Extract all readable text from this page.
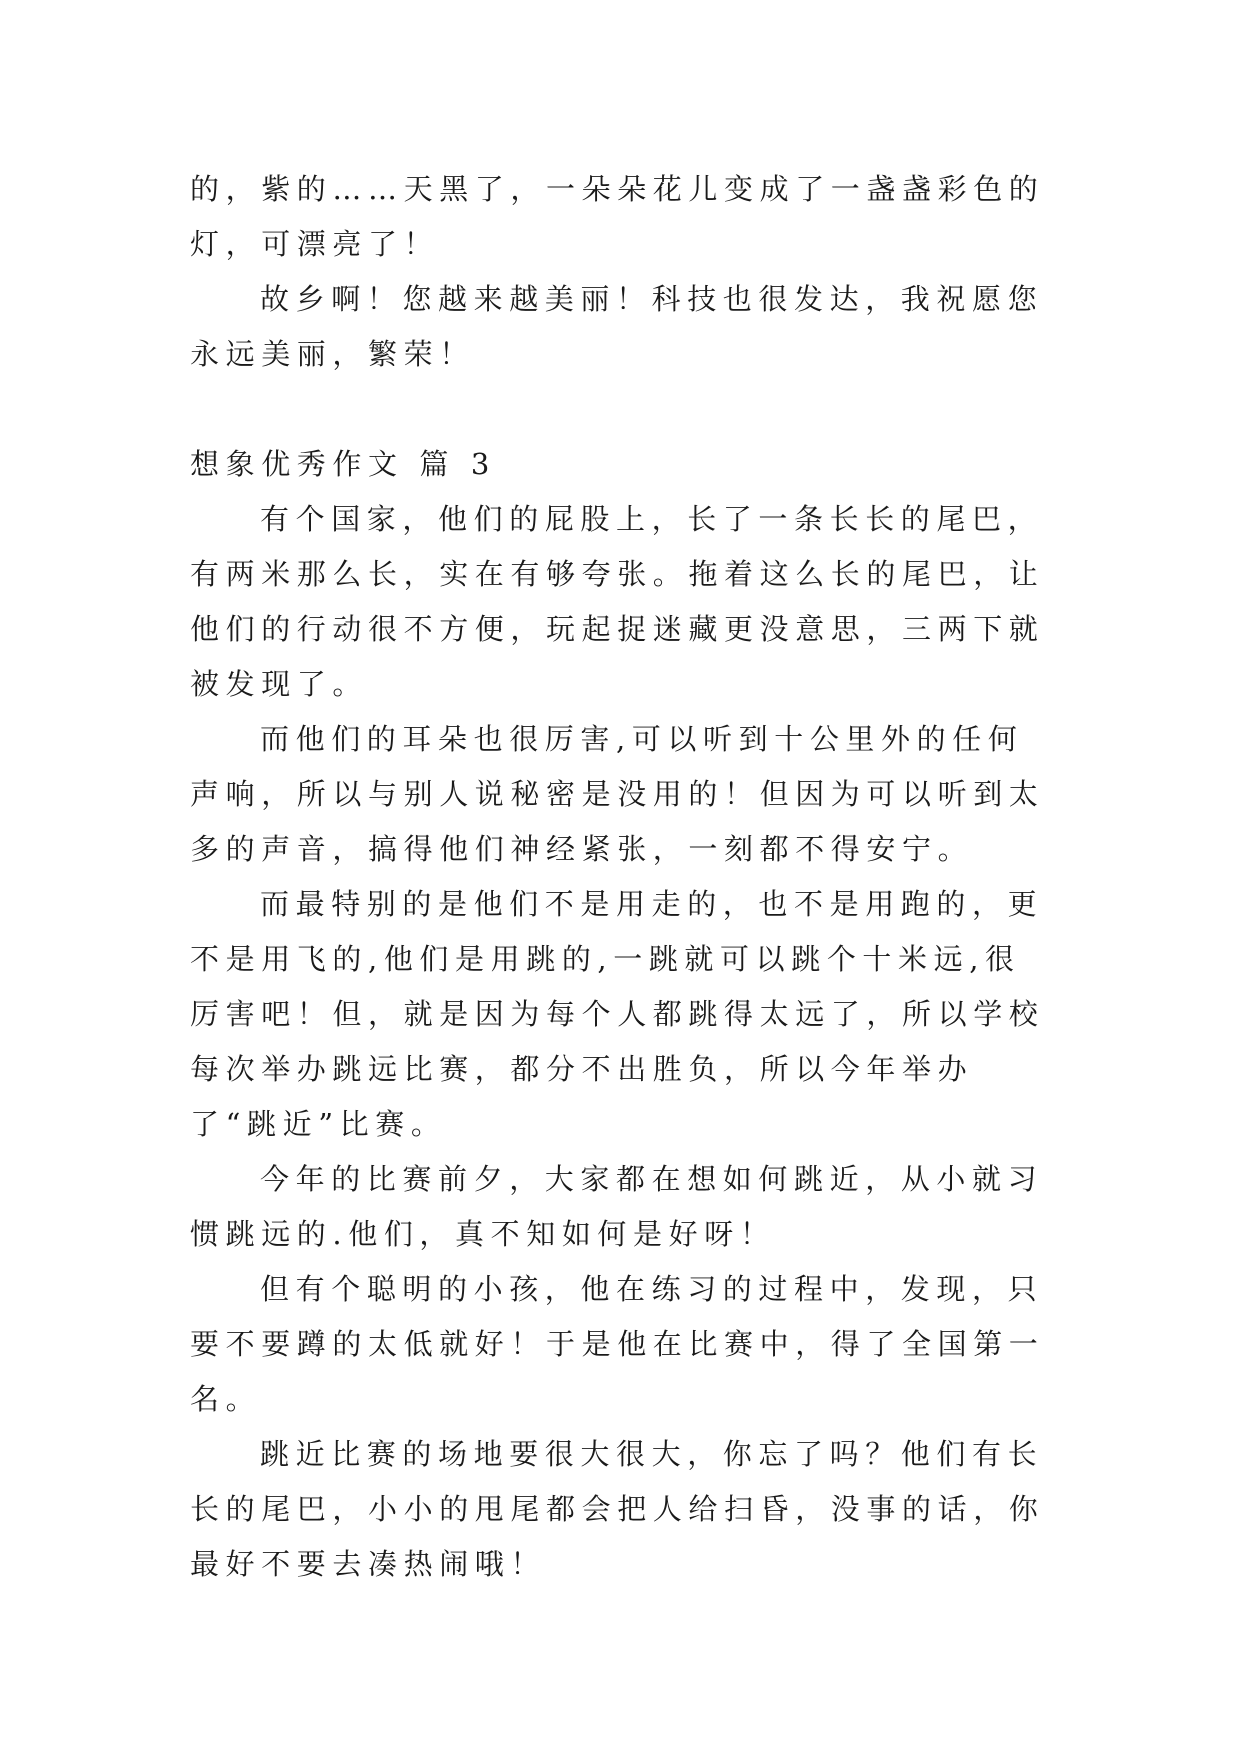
的，紫的……天黑了，一朵朵花儿变成了一盏盏彩色的灯，可漂亮了！

故乡啊！您越来越美丽！科技也很发达，我祝愿您永远美丽，繁荣！

想象优秀作文 篇 3

有个国家，他们的屁股上，长了一条长长的尾巴，有两米那么长，实在有够夸张。拖着这么长的尾巴，让他们的行动很不方便，玩起捉迷藏更没意思，三两下就被发现了。

而他们的耳朵也很厉害,可以听到十公里外的任何声响，所以与别人说秘密是没用的！但因为可以听到太多的声音，搞得他们神经紧张，一刻都不得安宁。

而最特别的是他们不是用走的，也不是用跑的，更不是用飞的,他们是用跳的,一跳就可以跳个十米远,很厉害吧！但，就是因为每个人都跳得太远了，所以学校每次举办跳远比赛，都分不出胜负，所以今年举办了“跳近”比赛。

今年的比赛前夕，大家都在想如何跳近，从小就习惯跳远的.他们，真不知如何是好呀！

但有个聪明的小孩，他在练习的过程中，发现，只要不要蹲的太低就好！于是他在比赛中，得了全国第一名。

跳近比赛的场地要很大很大，你忘了吗？他们有长长的尾巴，小小的甩尾都会把人给扫昏，没事的话，你最好不要去凑热闹哦！
